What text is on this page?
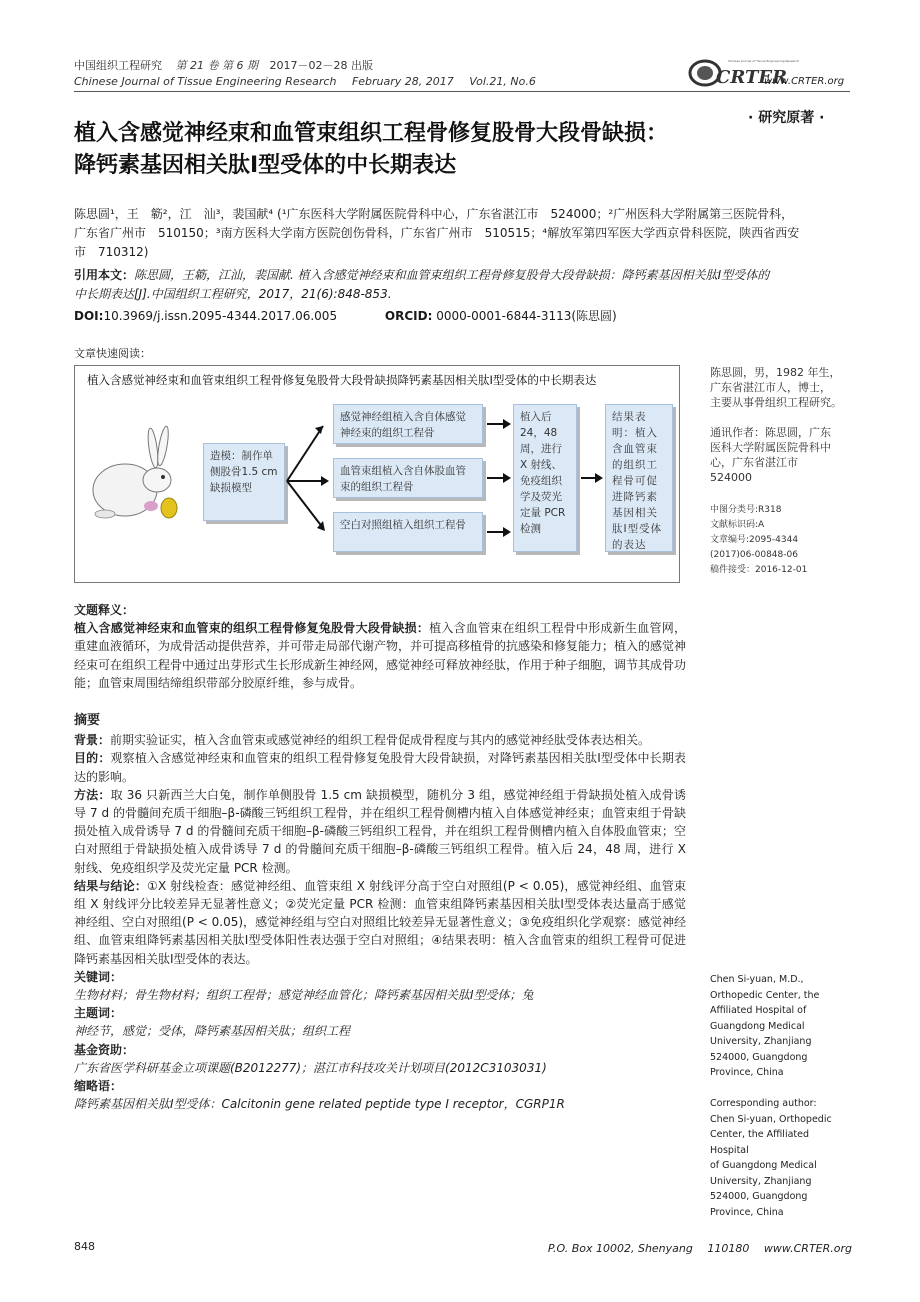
中国组织工程研究 第 21 卷 第 6 期 2017－02－28 出版
Chinese Journal of Tissue Engineering Research February 28, 2017 Vol.21, No.6	CRTER
Chinese Journal of Tissue Engineering Research
www.CRTER.org
· 研究原著 ·
植入含感觉神经束和血管束组织工程骨修复股骨大段骨缺损：
降钙素基因相关肽Ⅰ型受体的中长期表达
陈思圆¹，王　簕²，江　汕³，裴国献⁴ (¹广东医科大学附属医院骨科中心，广东省湛江市　524000；²广州医科大学附属第三医院骨科，
广东省广州市　510150；³南方医科大学南方医院创伤骨科，广东省广州市　510515；⁴解放军第四军医大学西京骨科医院，陕西省西安
市　710312)
引用本文：陈思圆，王簕，江汕，裴国献. 植入含感觉神经束和血管束组织工程骨修复股骨大段骨缺损：降钙素基因相关肽Ⅰ型受体的
中长期表达[J].中国组织工程研究，2017，21(6):848-853.
DOI:10.3969/j.issn.2095-4344.2017.06.005	ORCID: 0000-0001-6844-3113(陈思圆)
文章快速阅读：
植入含感觉神经束和血管束组织工程骨修复兔股骨大段骨缺损降钙素基因相关肽Ⅰ型受体的中长期表达
造模：制作单侧股骨1.5 cm 缺损模型
感觉神经组植入含自体感觉神经束的组织工程骨
血管束组植入含自体股血管束的组织工程骨
空白对照组植入组织工程骨
植入后 24，48 周，进行 X 射线、免疫组织学及荧光定量 PCR 检测
结果表明：植入含血管束的组织工程骨可促进降钙素基因相关肽Ⅰ型受体的表达
陈思圆，男，1982 年生，
广东省湛江市人，博士，
主要从事骨组织工程研究。
通讯作者：陈思圆，广东
医科大学附属医院骨科中
心，广东省湛江市
524000
中图分类号:R318
文献标识码:A
文章编号:2095-4344
(2017)06-00848-06
稿件接受：2016-12-01
Chen Si-yuan, M.D.,
Orthopedic Center, the
Affiliated Hospital of
Guangdong Medical
University, Zhanjiang
524000, Guangdong
Province, China
Corresponding author:
Chen Si-yuan, Orthopedic
Center, the Affiliated Hospital
of Guangdong Medical
University, Zhanjiang
524000, Guangdong
Province, China
文题释义：
植入含感觉神经束和血管束的组织工程骨修复兔股骨大段骨缺损：植入含血管束在组织工程骨中形成新生血管网，重建血液循环，为成骨活动提供营养，并可带走局部代谢产物，并可提高移植骨的抗感染和修复能力；植入的感觉神经束可在组织工程骨中通过出芽形式生长形成新生神经网，感觉神经可释放神经肽，作用于种子细胞，调节其成骨功能；血管束周围结缔组织带部分胶原纤维，参与成骨。
摘要
背景：前期实验证实，植入含血管束或感觉神经的组织工程骨促成骨程度与其内的感觉神经肽受体表达相关。
目的：观察植入含感觉神经束和血管束的组织工程骨修复兔股骨大段骨缺损，对降钙素基因相关肽Ⅰ型受体中长期表达的影响。
方法：取 36 只新西兰大白兔，制作单侧股骨 1.5 cm 缺损模型，随机分 3 组，感觉神经组于骨缺损处植入成骨诱导 7 d 的骨髓间充质干细胞–β-磷酸三钙组织工程骨，并在组织工程骨侧槽内植入自体感觉神经束；血管束组于骨缺损处植入成骨诱导 7 d 的骨髓间充质干细胞–β-磷酸三钙组织工程骨，并在组织工程骨侧槽内植入自体股血管束；空白对照组于骨缺损处植入成骨诱导 7 d 的骨髓间充质干细胞–β-磷酸三钙组织工程骨。植入后 24，48 周，进行 X 射线、免疫组织学及荧光定量 PCR 检测。
结果与结论：①X 射线检查：感觉神经组、血管束组 X 射线评分高于空白对照组(P < 0.05)，感觉神经组、血管束组 X 射线评分比较差异无显著性意义；②荧光定量 PCR 检测：血管束组降钙素基因相关肽Ⅰ型受体表达量高于感觉神经组、空白对照组(P < 0.05)，感觉神经组与空白对照组比较差异无显著性意义；③免疫组织化学观察：感觉神经组、血管束组降钙素基因相关肽Ⅰ型受体阳性表达强于空白对照组；④结果表明：植入含血管束的组织工程骨可促进降钙素基因相关肽Ⅰ型受体的表达。
关键词：
生物材料；骨生物材料；组织工程骨；感觉神经血管化；降钙素基因相关肽Ⅰ型受体；兔
主题词：
神经节，感觉；受体，降钙素基因相关肽；组织工程
基金资助：
广东省医学科研基金立项课题(B2012277)；湛江市科技攻关计划项目(2012C3103031)
缩略语：
降钙素基因相关肽Ⅰ型受体：Calcitonin gene related peptide type I receptor，CGRP1R
848	P.O. Box 10002, Shenyang　 110180　 www.CRTER.org
